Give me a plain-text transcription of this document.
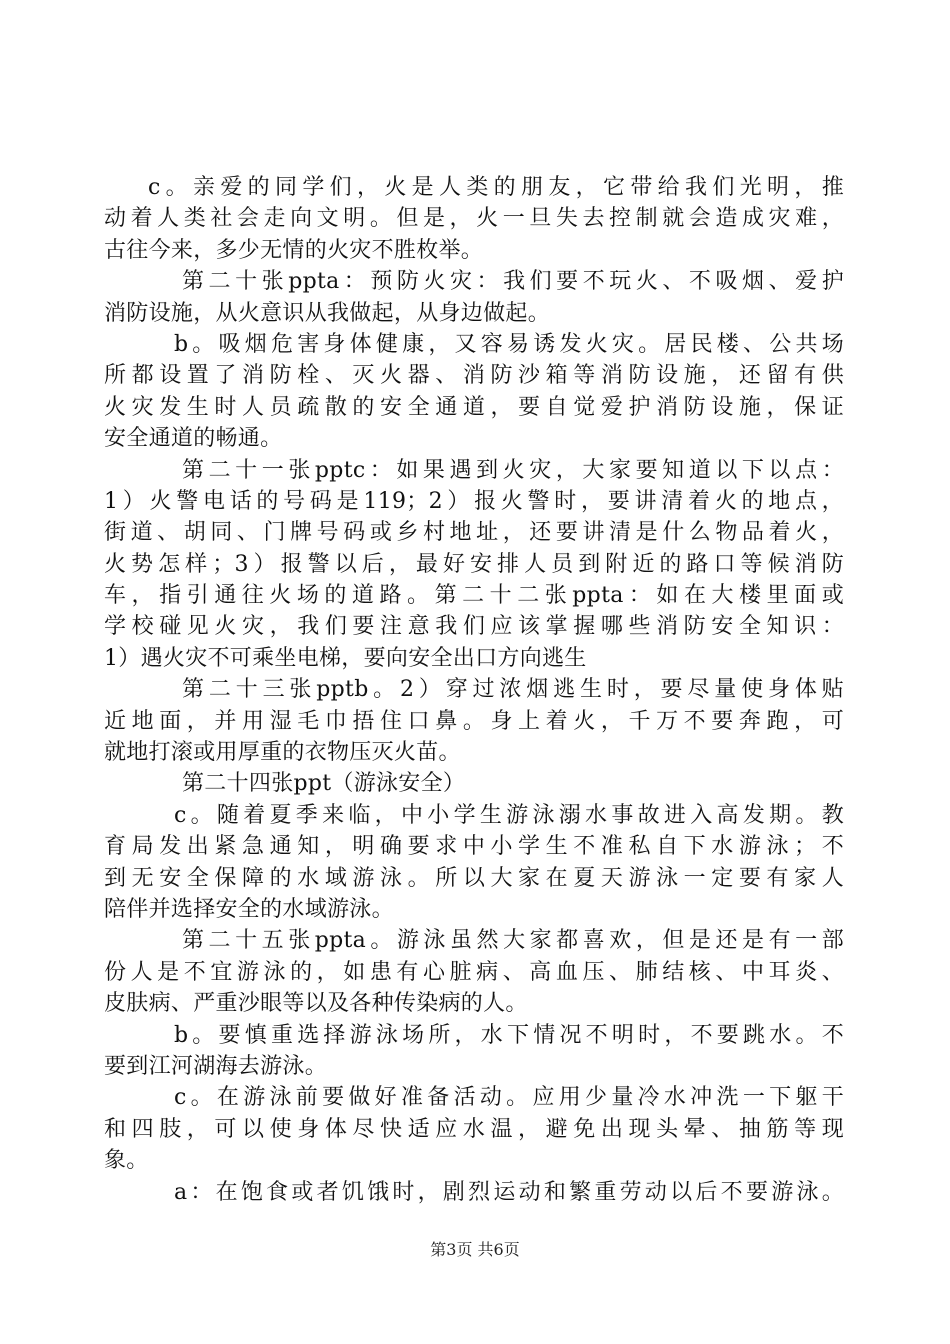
c。亲爱的同学们，火是人类的朋友，它带给我们光明，推
动着人类社会走向文明。但是，火一旦失去控制就会造成灾难，
古往今来，多少无情的火灾不胜枚举。
第二十张ppta：预防火灾：我们要不玩火、不吸烟、爱护
消防设施，从火意识从我做起，从身边做起。
b。吸烟危害身体健康，又容易诱发火灾。居民楼、公共场
所都设置了消防栓、灭火器、消防沙箱等消防设施，还留有供
火灾发生时人员疏散的安全通道，要自觉爱护消防设施，保证
安全通道的畅通。
第二十一张pptc：如果遇到火灾，大家要知道以下以点：
1）火警电话的号码是119；2）报火警时，要讲清着火的地点，
街道、胡同、门牌号码或乡村地址，还要讲清是什么物品着火，
火势怎样；3）报警以后，最好安排人员到附近的路口等候消防
车，指引通往火场的道路。第二十二张ppta：如在大楼里面或
学校碰见火灾，我们要注意我们应该掌握哪些消防安全知识：
1）遇火灾不可乘坐电梯，要向安全出口方向逃生
第二十三张pptb。2）穿过浓烟逃生时，要尽量使身体贴
近地面，并用湿毛巾捂住口鼻。身上着火，千万不要奔跑，可
就地打滚或用厚重的衣物压灭火苗。
第二十四张ppt（游泳安全）
c。随着夏季来临，中小学生游泳溺水事故进入高发期。教
育局发出紧急通知，明确要求中小学生不准私自下水游泳；不
到无安全保障的水域游泳。所以大家在夏天游泳一定要有家人
陪伴并选择安全的水域游泳。
第二十五张ppta。游泳虽然大家都喜欢，但是还是有一部
份人是不宜游泳的，如患有心脏病、高血压、肺结核、中耳炎、
皮肤病、严重沙眼等以及各种传染病的人。
b。要慎重选择游泳场所，水下情况不明时，不要跳水。不
要到江河湖海去游泳。
c。在游泳前要做好准备活动。应用少量冷水冲洗一下躯干
和四肢，可以使身体尽快适应水温，避免出现头晕、抽筋等现
象。
a：在饱食或者饥饿时，剧烈运动和繁重劳动以后不要游泳。
第3页 共6页
